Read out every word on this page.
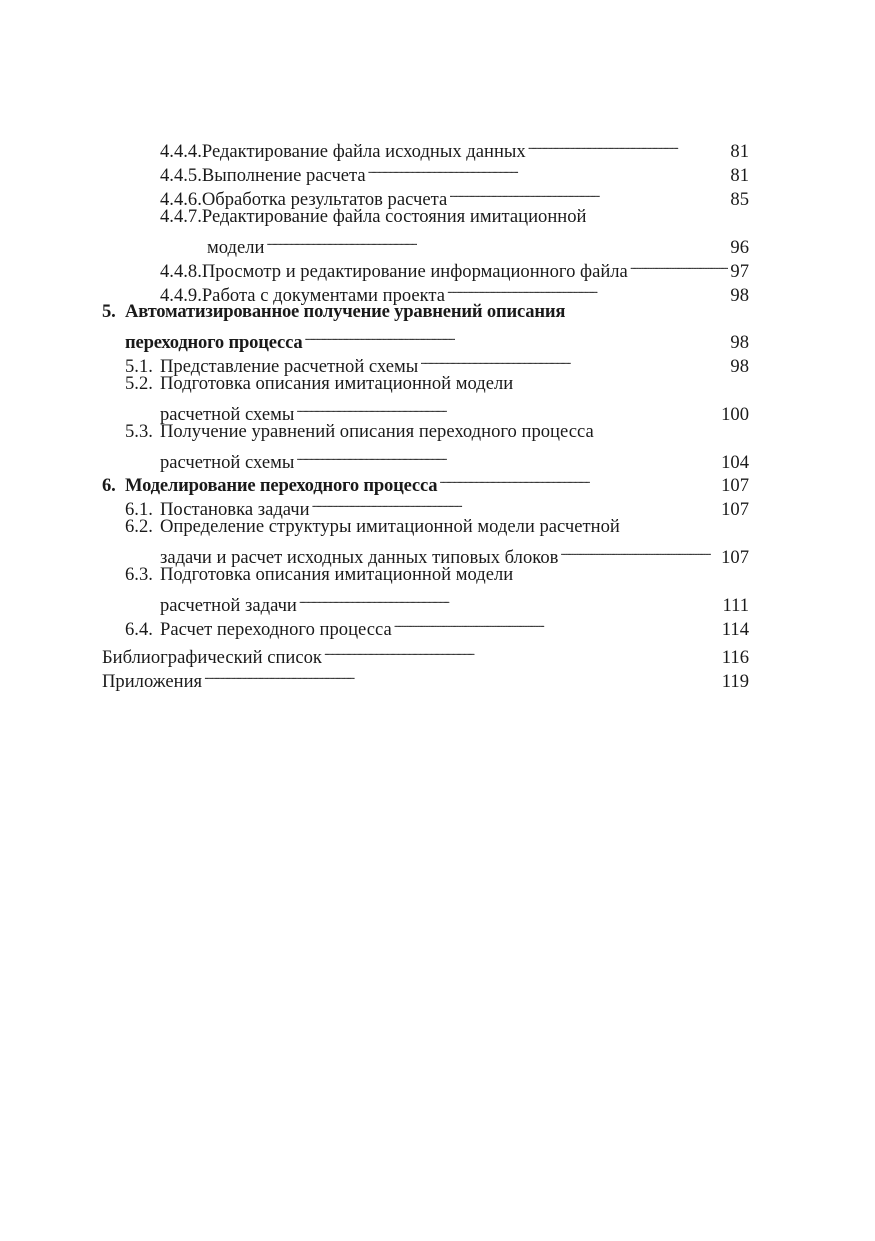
4.4.4. Редактирование файла исходных данных . . .	81
4.4.5. Выполнение расчета . . .	81
4.4.6. Обработка результатов расчета . . .	85
4.4.7. Редактирование файла состояния имитационной
модели . . .	96
4.4.8. Просмотр и редактирование информационного файла . . .	97
4.4.9. Работа с документами проекта . . .	98
5. Автоматизированное получение уравнений описания
переходного процесса . . .	98
5.1. Представление расчетной схемы . . .	98
5.2. Подготовка описания имитационной модели
расчетной схемы . . .	100
5.3. Получение уравнений описания переходного процесса
расчетной схемы . . .	104
6. Моделирование переходного процесса . . .	107
6.1. Постановка задачи . . .	107
6.2. Определение структуры имитационной модели расчетной
задачи и расчет исходных данных типовых блоков . . .	107
6.3. Подготовка описания имитационной модели
расчетной задачи . . .	111
6.4. Расчет переходного процесса . . .	114
Библиографический список . . .	116
Приложения . . .	119
